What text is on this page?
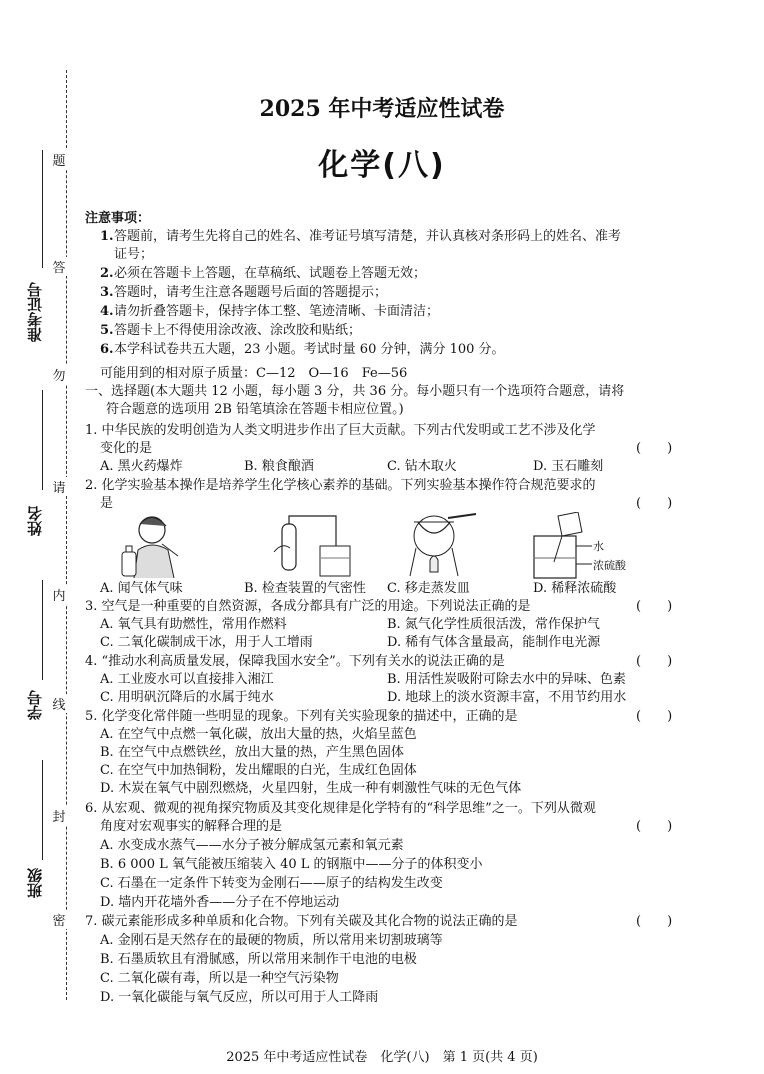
题
答
勿
请
内
线
封
密
准考证号
姓名
学号
班级
2025 年中考适应性试卷
化学(八)
注意事项：
1. 答题前，请考生先将自己的姓名、准考证号填写清楚，并认真核对条形码上的姓名、准考
证号；
2. 必须在答题卡上答题，在草稿纸、试题卷上答题无效；
3. 答题时，请考生注意各题题号后面的答题提示；
4. 请勿折叠答题卡，保持字体工整、笔迹清晰、卡面清洁；
5. 答题卡上不得使用涂改液、涂改胶和贴纸；
6. 本学科试卷共五大题，23 小题。考试时量 60 分钟，满分 100 分。
可能用到的相对原子质量：C—12　O—16　Fe—56
一、选择题(本大题共 12 小题，每小题 3 分，共 36 分。每小题只有一个选项符合题意，请将
符合题意的选项用 2B 铅笔填涂在答题卡相应位置。)
1. 中华民族的发明创造为人类文明进步作出了巨大贡献。下列古代发明或工艺不涉及化学
变化的是	(　　)
A. 黑火药爆炸	B. 粮食酿酒	C. 钻木取火	D. 玉石雕刻
2. 化学实验基本操作是培养学生化学核心素养的基础。下列实验基本操作符合规范要求的
是	(　　)
水
浓硫酸
A. 闻气体气味	B. 检查装置的气密性 C. 移走蒸发皿	D. 稀释浓硫酸
3. 空气是一种重要的自然资源，各成分都具有广泛的用途。下列说法正确的是	(　　)
A. 氧气具有助燃性，常用作燃料	B. 氮气化学性质很活泼，常作保护气
C. 二氧化碳制成干冰，用于人工增雨	D. 稀有气体含量最高，能制作电光源
4. “推动水利高质量发展，保障我国水安全”。下列有关水的说法正确的是	(　　)
A. 工业废水可以直接排入湘江	B. 用活性炭吸附可除去水中的异味、色素
C. 用明矾沉降后的水属于纯水	D. 地球上的淡水资源丰富，不用节约用水
5. 化学变化常伴随一些明显的现象。下列有关实验现象的描述中，正确的是	(　　)
A. 在空气中点燃一氧化碳，放出大量的热，火焰呈蓝色
B. 在空气中点燃铁丝，放出大量的热，产生黑色固体
C. 在空气中加热铜粉，发出耀眼的白光，生成红色固体
D. 木炭在氧气中剧烈燃烧，火星四射，生成一种有刺激性气味的无色气体
6. 从宏观、微观的视角探究物质及其变化规律是化学特有的“科学思维”之一。下列从微观
角度对宏观事实的解释合理的是	(　　)
A. 水变成水蒸气——水分子被分解成氢元素和氧元素
B. 6 000 L 氧气能被压缩装入 40 L 的钢瓶中——分子的体积变小
C. 石墨在一定条件下转变为金刚石——原子的结构发生改变
D. 墙内开花墙外香——分子在不停地运动
7. 碳元素能形成多种单质和化合物。下列有关碳及其化合物的说法正确的是	(　　)
A. 金刚石是天然存在的最硬的物质，所以常用来切割玻璃等
B. 石墨质软且有滑腻感，所以常用来制作干电池的电极
C. 二氧化碳有毒，所以是一种空气污染物
D. 一氧化碳能与氧气反应，所以可用于人工降雨
2025 年中考适应性试卷　化学(八)　第 1 页(共 4 页)
